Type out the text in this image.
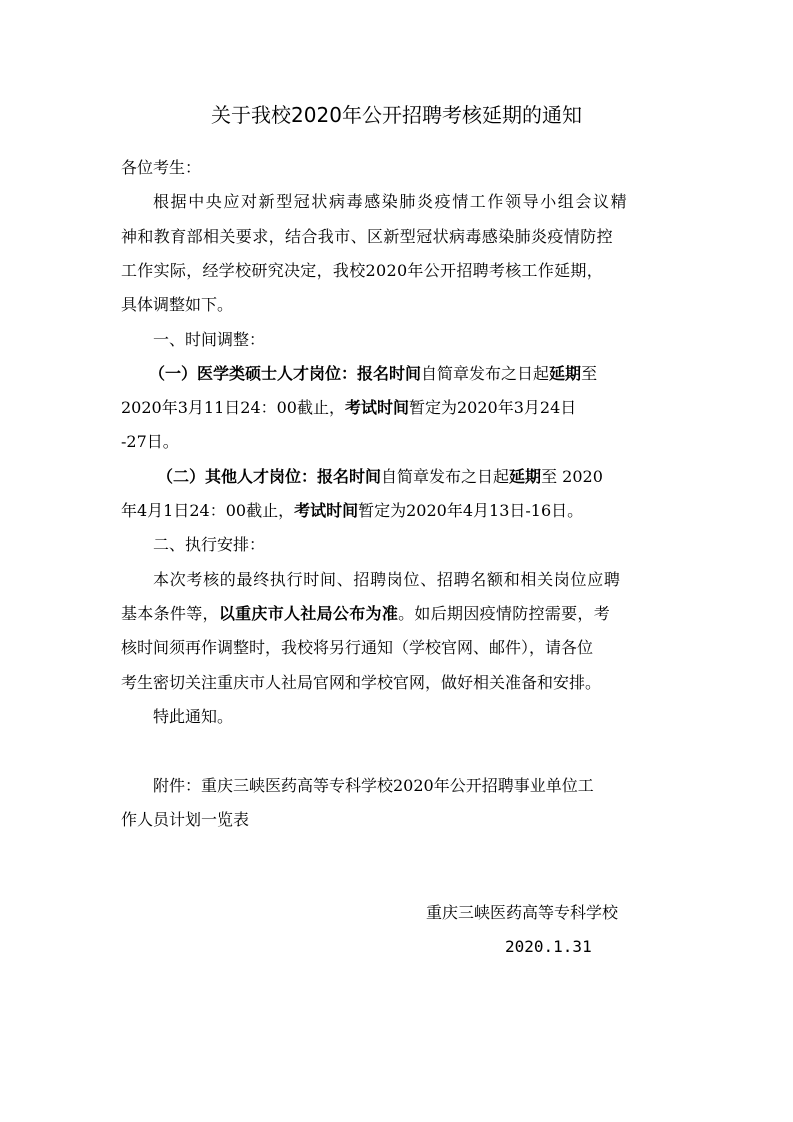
关于我校2020年公开招聘考核延期的通知
各位考生：
根据中央应对新型冠状病毒感染肺炎疫情工作领导小组会议精
神和教育部相关要求，结合我市、区新型冠状病毒感染肺炎疫情防控
工作实际，经学校研究决定，我校2020年公开招聘考核工作延期，
具体调整如下。
一、时间调整：
（一）医学类硕士人才岗位：报名时间自简章发布之日起延期至
2020年3月11日24：00截止，考试时间暂定为2020年3月24日
-27日。
（二）其他人才岗位：报名时间自简章发布之日起延期至 2020
年4月1日24：00截止，考试时间暂定为2020年4月13日-16日。
二、执行安排：
本次考核的最终执行时间、招聘岗位、招聘名额和相关岗位应聘
基本条件等，以重庆市人社局公布为准。如后期因疫情防控需要，考
核时间须再作调整时，我校将另行通知（学校官网、邮件），请各位
考生密切关注重庆市人社局官网和学校官网，做好相关准备和安排。
特此通知。
附件：重庆三峡医药高等专科学校2020年公开招聘事业单位工
作人员计划一览表
重庆三峡医药高等专科学校
2020.1.31
